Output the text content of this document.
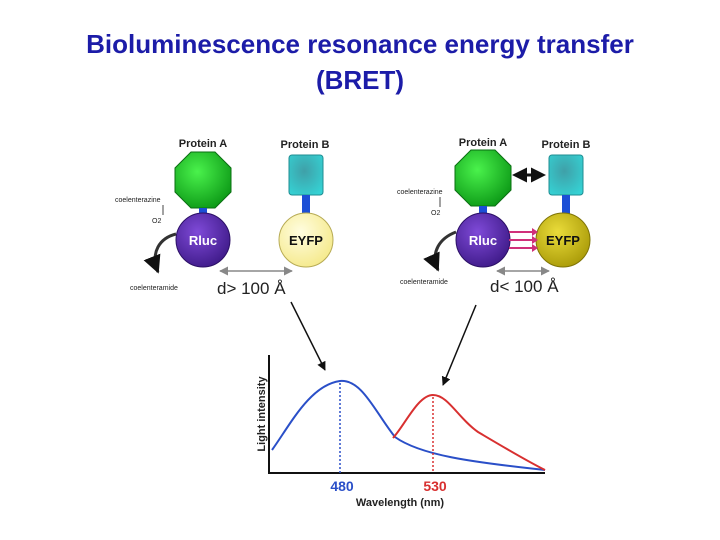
Bioluminescence resonance energy transfer
(BRET)
Protein A	Protein B
Rluc	EYFP
coelenterazine
O2
coelenteramide d> 100 Å
Protein A	Protein B
Rluc	EYFP
coelenterazine
O2
coelenteramide d< 100 Å
Light intensity
480	530
Wavelength (nm)
